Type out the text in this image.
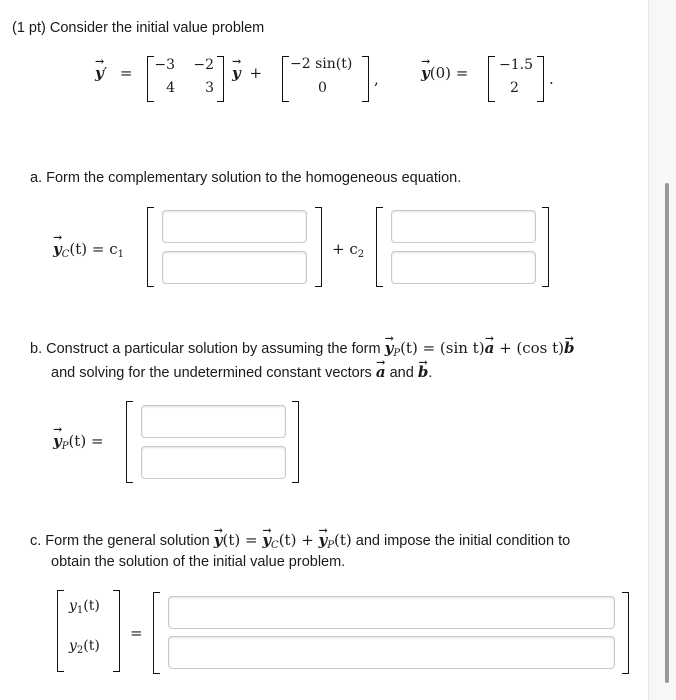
(1 pt) Consider the initial value problem
→ y′ = −3 −2
4	3
→ y + −2 sin(t)
0	,
→	y(0) = −1.5
2 .
a. Form the complementary solution to the homogeneous equation.
→ $y_C(t) = c_1$	+ $c_2$
b. Construct a particular solution by assuming the form → $y_P(t) = (\sin$ t)→ a + (cos t)→ b
and solving for the undetermined constant vectors → a and → b.
→ $y_P(t)$ =
c. Form the general solution → y(t) = → $y_C(t)$ + → $y_P(t)$ and impose the initial condition to
obtain the solution of the initial value problem.
$y_1(t)$
$y_2(t)$
=
